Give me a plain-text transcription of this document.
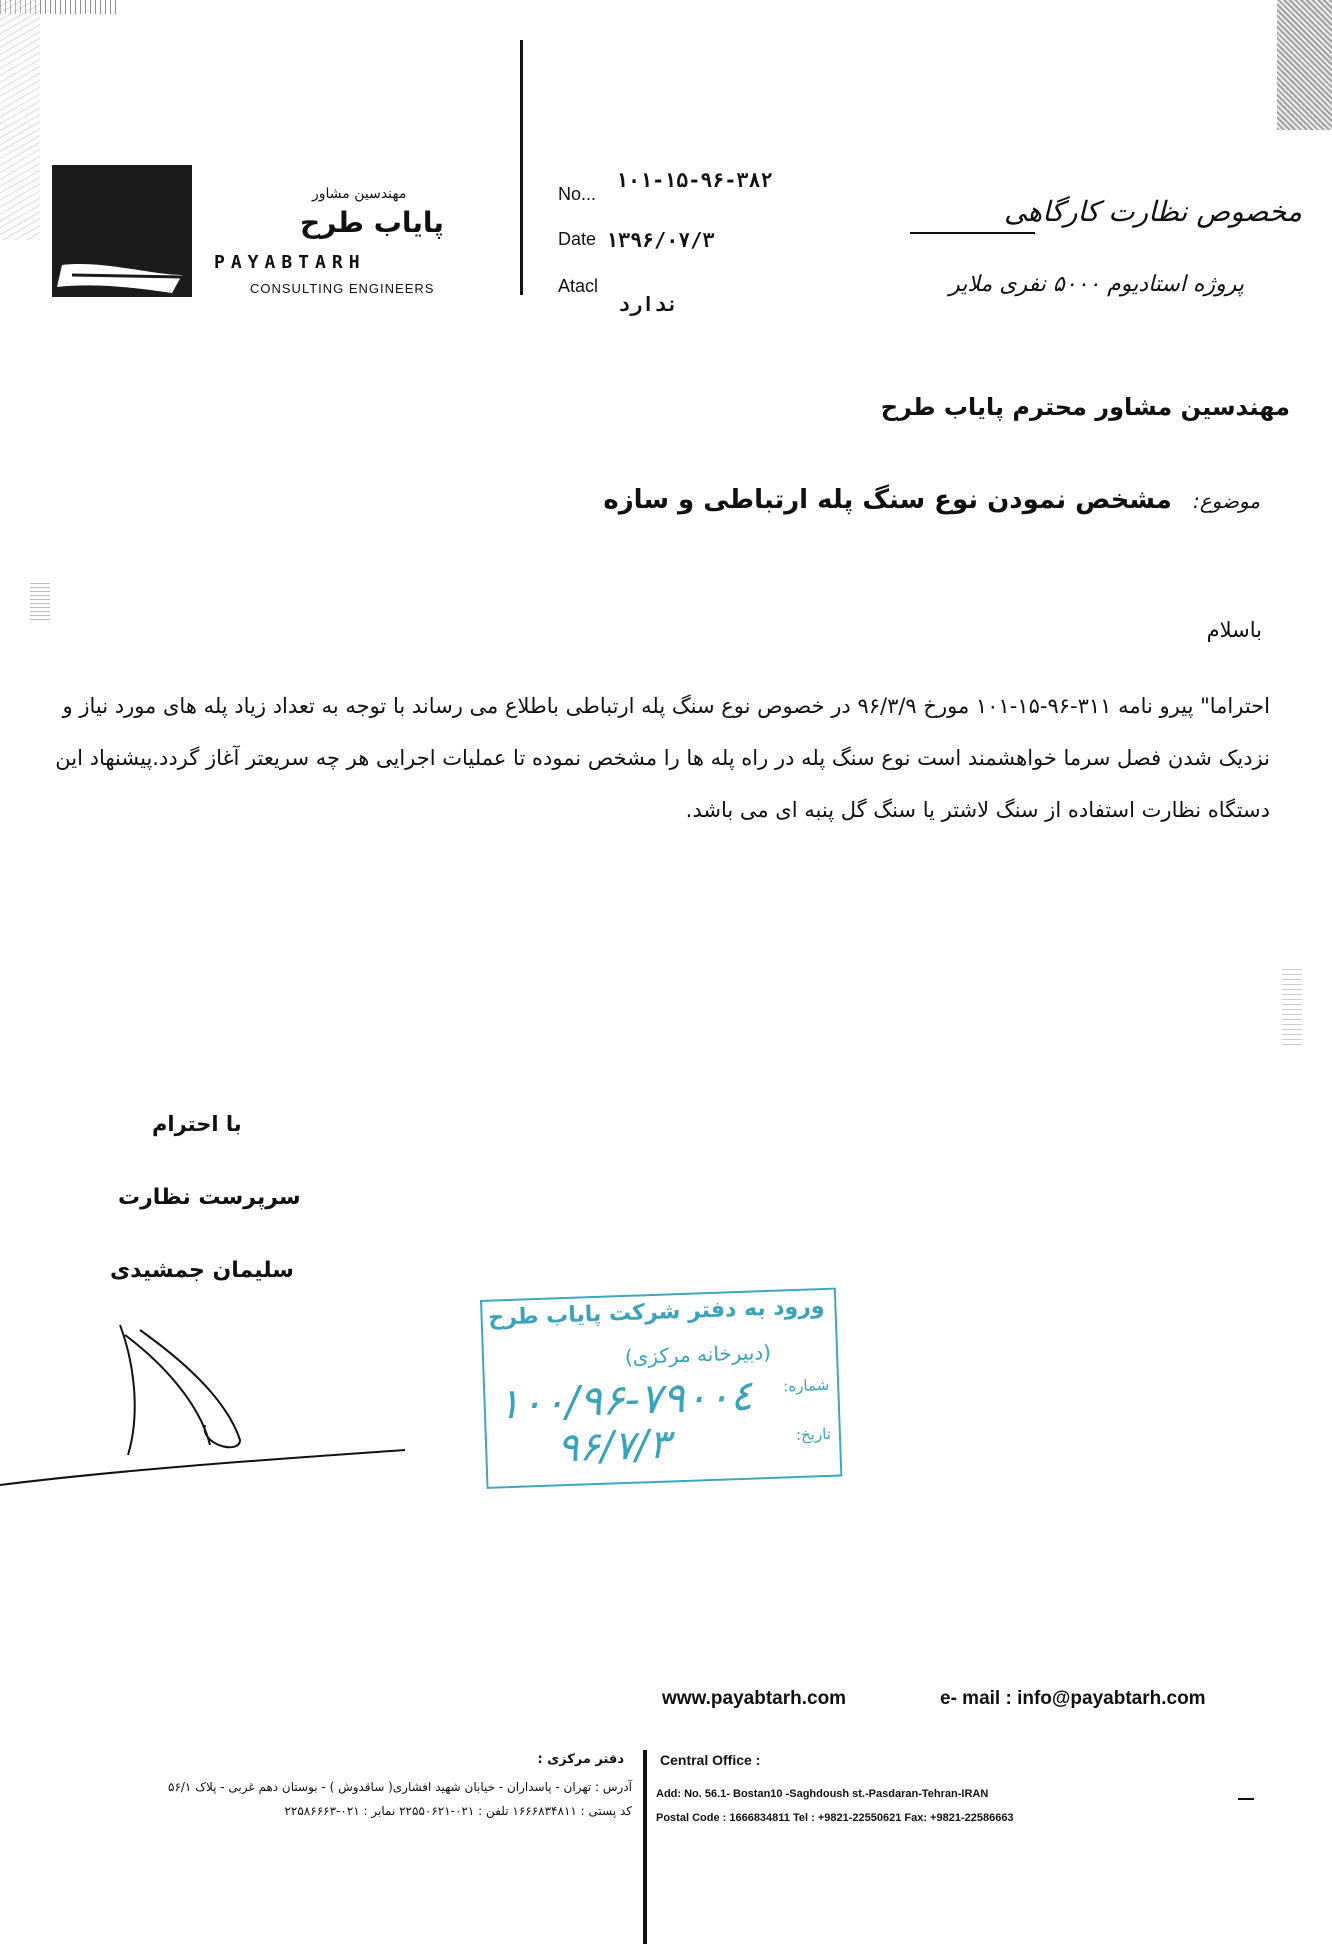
مهندسین مشاور
پایاب طرح
PAYABTARH
CONSULTING ENGINEERS
No...
۱۰۱-۱۵-۹۶-۳۸۲
Date ۱۳۹۶/۰۷/۳
Atacl
ندارد
مخصوص نظارت کارگاهی
پروژه استادیوم ۵۰۰۰ نفری ملایر
مهندسین مشاور محترم پایاب طرح
موضوع: مشخص نمودن نوع سنگ پله ارتباطی و سازه
باسلام
احتراما" پیرو نامه ۳۱۱-۹۶-۱۵-۱۰۱ مورخ ۹۶/۳/۹ در خصوص نوع سنگ پله ارتباطی باطلاع می رساند با توجه به تعداد زیاد پله های مورد نیاز و نزدیک شدن فصل سرما خواهشمند است نوع سنگ پله در راه پله ها را مشخص نموده تا عملیات اجرایی هر چه سریعتر آغاز گردد.پیشنهاد این دستگاه نظارت استفاده از سنگ لاشتر یا سنگ گل پنبه ای می باشد.
با احترام
سرپرست نظارت
سلیمان جمشیدی
ورود به دفتر شرکت پایاب طرح
(دبیرخانه مرکزی)
شماره:
۱۰۰/۹۶-۷۹۰۰٤
تاریخ:
۹۶/۷/۳
www.payabtarh.com	e- mail : info@payabtarh.com
دفتر مرکزی :
آدرس : تهران - پاسداران - خیابان شهید افشاری( ساقدوش ) - بوستان دهم غربی - پلاک ۵۶/۱
کد پستی : ۱۶۶۶۸۳۴۸۱۱ تلفن : ۰۲۱-۲۲۵۵۰۶۲۱ نمابر : ۰۲۱-۲۲۵۸۶۶۶۳
Central Office :
Add: No. 56.1- Bostan10 -Saghdoush st.-Pasdaran-Tehran-IRAN
Postal Code : 1666834811 Tel : +9821-22550621 Fax: +9821-22586663
